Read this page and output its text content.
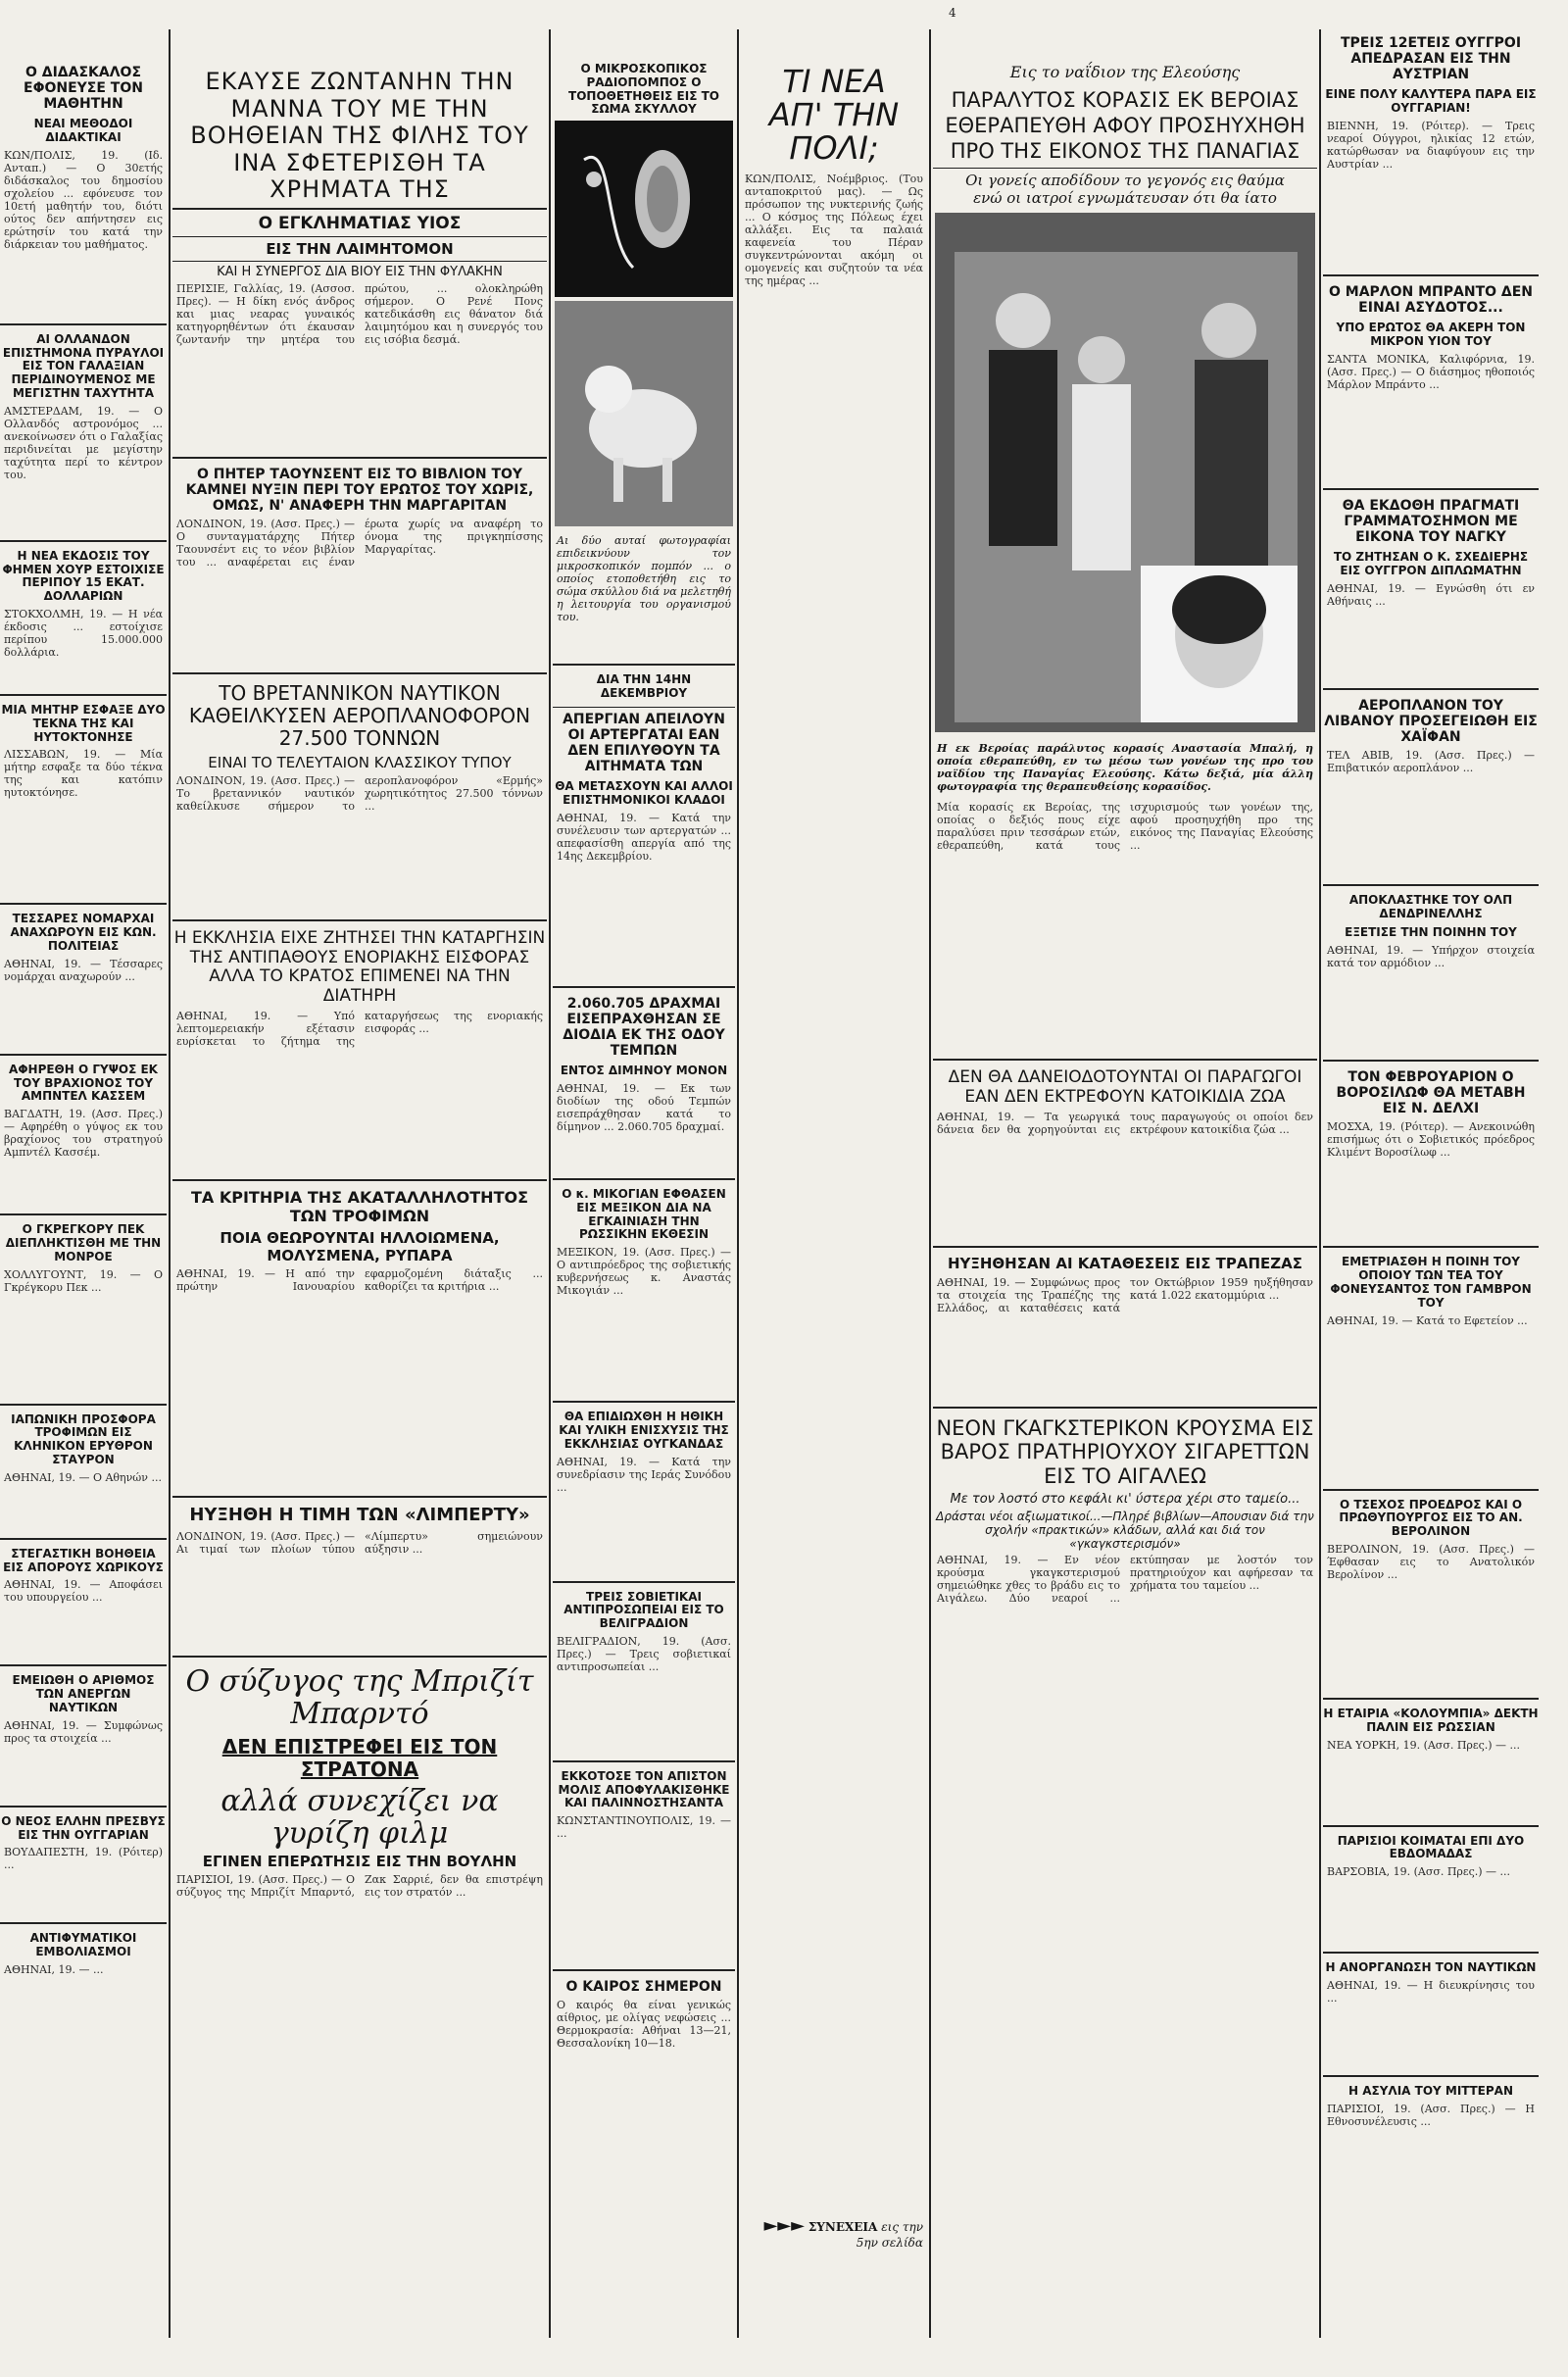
4
Ο ΔΙΔΑΣΚΑΛΟΣ ΕΦΟΝΕΥΣΕ ΤΟΝ ΜΑΘΗΤΗΝ
ΝΕΑΙ ΜΕΘΟΔΟΙ ΔΙΔΑΚΤΙΚΑΙ
ΚΩΝ/ΠΟΛΙΣ, 19. (Ιδ. Ανταπ.) — Ο 30ετής διδάσκαλος του δημοσίου σχολείου ... εφόνευσε τον 10ετή μαθητήν του, διότι ούτος δεν απήντησεν εις ερώτησίν του κατά την διάρκειαν του μαθήματος.
ΑΙ ΟΛΛΑΝΔΟΝ ΕΠΙΣΤΗΜΟΝΑ ΠΥΡΑΥΛΟΙ ΕΙΣ ΤΟΝ ΓΑΛΑΞΙΑΝ ΠΕΡΙΔΙΝΟΥΜΕΝΟΣ ΜΕ ΜΕΓΙΣΤΗΝ ΤΑΧΥΤΗΤΑ
ΑΜΣΤΕΡΔΑΜ, 19. — Ο Ολλανδός αστρονόμος ... ανεκοίνωσεν ότι ο Γαλαξίας περιδινείται με μεγίστην ταχύτητα περί το κέντρον του.
Η ΝΕΑ ΕΚΔΟΣΙΣ ΤΟΥ ΦΗΜΕΝ ΧΟΥΡ ΕΣΤΟΙΧΙΣΕ ΠΕΡΙΠΟΥ 15 ΕΚΑΤ. ΔΟΛΛΑΡΙΩΝ
ΣΤΟΚΧΟΛΜΗ, 19. — Η νέα έκδοσις ... εστοίχισε περίπου 15.000.000 δολλάρια.
ΜΙΑ ΜΗΤΗΡ ΕΣΦΑΞΕ ΔΥΟ ΤΕΚΝΑ ΤΗΣ ΚΑΙ ΗΥΤΟΚΤΟΝΗΣΕ
ΛΙΣΣΑΒΩΝ, 19. — Μία μήτηρ εσφαξε τα δύο τέκνα της και κατόπιν ηυτοκτόνησε.
ΤΕΣΣΑΡΕΣ ΝΟΜΑΡΧΑΙ ΑΝΑΧΩΡΟΥΝ ΕΙΣ ΚΩΝ. ΠΟΛΙΤΕΙΑΣ
ΑΘΗΝΑΙ, 19. — Τέσσαρες νομάρχαι αναχωρούν ...
ΑΦΗΡΕΘΗ Ο ΓΥΨΟΣ ΕΚ ΤΟΥ ΒΡΑΧΙΟΝΟΣ ΤΟΥ ΑΜΠΝΤΕΛ ΚΑΣΣΕΜ
ΒΑΓΔΑΤΗ, 19. (Ασσ. Πρες.) — Αφηρέθη ο γύψος εκ του βραχίονος του στρατηγού Αμπντέλ Κασσέμ.
Ο ΓΚΡΕΓΚΟΡΥ ΠΕΚ ΔΙΕΠΛΗΚΤΙΣΘΗ ΜΕ ΤΗΝ ΜΟΝΡΟΕ
ΧΟΛΛΥΓΟΥΝΤ, 19. — Ο Γκρέγκορυ Πεκ ...
ΙΑΠΩΝΙΚΗ ΠΡΟΣΦΟΡΑ ΤΡΟΦΙΜΩΝ ΕΙΣ ΚΛΗΝΙΚΟΝ ΕΡΥΘΡΟΝ ΣΤΑΥΡΟΝ
ΑΘΗΝΑΙ, 19. — Ο Αθηνών ...
ΣΤΕΓΑΣΤΙΚΗ ΒΟΗΘΕΙΑ ΕΙΣ ΑΠΟΡΟΥΣ ΧΩΡΙΚΟΥΣ
ΑΘΗΝΑΙ, 19. — Αποφάσει του υπουργείου ...
ΕΜΕΙΩΘΗ Ο ΑΡΙΘΜΟΣ ΤΩΝ ΑΝΕΡΓΩΝ ΝΑΥΤΙΚΩΝ
ΑΘΗΝΑΙ, 19. — Συμφώνως προς τα στοιχεία ...
Ο ΝΕΟΣ ΕΛΛΗΝ ΠΡΕΣΒΥΣ ΕΙΣ ΤΗΝ ΟΥΓΓΑΡΙΑΝ
ΒΟΥΔΑΠΕΣΤΗ, 19. (Ρόιτερ) ...
ΑΝΤΙΦΥΜΑΤΙΚΟΙ ΕΜΒΟΛΙΑΣΜΟΙ
ΑΘΗΝΑΙ, 19. — ...
ΕΚΑΥΣΕ ΖΩΝΤΑΝΗΝ ΤΗΝ ΜΑΝΝΑ ΤΟΥ ΜΕ ΤΗΝ ΒΟΗΘΕΙΑΝ ΤΗΣ ΦΙΛΗΣ ΤΟΥ ΙΝΑ ΣΦΕΤΕΡΙΣΘΗ ΤΑ ΧΡΗΜΑΤΑ ΤΗΣ
Ο ΕΓΚΛΗΜΑΤΙΑΣ ΥΙΟΣ
ΕΙΣ ΤΗΝ ΛΑΙΜΗΤΟΜΟΝ
ΚΑΙ Η ΣΥΝΕΡΓΟΣ ΔΙΑ ΒΙΟΥ ΕΙΣ ΤΗΝ ΦΥΛΑΚΗΝ
ΠΕΡΙΣΙΕ, Γαλλίας, 19. (Ασσοσ. Πρες). — Η δίκη ενός άνδρος και μιας νεαρας γυναικός κατηγορηθέντων ότι έκαυσαν ζωντανήν την μητέρα του πρώτου, ... ολοκληρώθη σήμερον. Ο Ρενέ Πονς κατεδικάσθη εις θάνατον διά λαιμητόμου και η συνεργός του εις ισόβια δεσμά.
Ο ΠΗΤΕΡ ΤΑΟΥΝΣΕΝΤ ΕΙΣ ΤΟ ΒΙΒΛΙΟΝ ΤΟΥ ΚΑΜΝΕΙ ΝΥΞΙΝ ΠΕΡΙ ΤΟΥ ΕΡΩΤΟΣ ΤΟΥ ΧΩΡΙΣ, ΟΜΩΣ, Ν' ΑΝΑΦΕΡΗ ΤΗΝ ΜΑΡΓΑΡΙΤΑΝ
ΛΟΝΔΙΝΟΝ, 19. (Ασσ. Πρες.) — Ο συνταγματάρχης Πήτερ Ταουνσέντ εις το νέον βιβλίον του ... αναφέρεται εις έναν έρωτα χωρίς να αναφέρη το όνομα της πριγκηπίσσης Μαργαρίτας.
ΤΟ ΒΡΕΤΑΝΝΙΚΟΝ ΝΑΥΤΙΚΟΝ ΚΑΘΕΙΛΚΥΣΕΝ ΑΕΡΟΠΛΑΝΟΦΟΡΟΝ 27.500 ΤΟΝΝΩΝ
ΕΙΝΑΙ ΤΟ ΤΕΛΕΥΤΑΙΟΝ ΚΛΑΣΣΙΚΟΥ ΤΥΠΟΥ
ΛΟΝΔΙΝΟΝ, 19. (Ασσ. Πρες.) — Το βρεταννικόν ναυτικόν καθείλκυσε σήμερον το αεροπλανοφόρον «Ερμής» χωρητικότητος 27.500 τόννων ...
Η ΕΚΚΛΗΣΙΑ ΕΙΧΕ ΖΗΤΗΣΕΙ ΤΗΝ ΚΑΤΑΡΓΗΣΙΝ ΤΗΣ ΑΝΤΙΠΑΘΟΥΣ ΕΝΟΡΙΑΚΗΣ ΕΙΣΦΟΡΑΣ ΑΛΛΑ ΤΟ ΚΡΑΤΟΣ ΕΠΙΜΕΝΕΙ ΝΑ ΤΗΝ ΔΙΑΤΗΡΗ
ΑΘΗΝΑΙ, 19. — Υπό λεπτομερειακήν εξέτασιν ευρίσκεται το ζήτημα της καταργήσεως της ενοριακής εισφοράς ...
ΤΑ ΚΡΙΤΗΡΙΑ ΤΗΣ ΑΚΑΤΑΛΛΗΛΟΤΗΤΟΣ ΤΩΝ ΤΡΟΦΙΜΩΝ
ΠΟΙΑ ΘΕΩΡΟΥΝΤΑΙ ΗΛΛΟΙΩΜΕΝΑ, ΜΟΛΥΣΜΕΝΑ, ΡΥΠΑΡΑ
ΑΘΗΝΑΙ, 19. — Η από την πρώτην Ιανουαρίου εφαρμοζομένη διάταξις ... καθορίζει τα κριτήρια ...
ΗΥΞΗΘΗ Η ΤΙΜΗ ΤΩΝ «ΛΙΜΠΕΡΤΥ»
ΛΟΝΔΙΝΟΝ, 19. (Ασσ. Πρες.) — Αι τιμαί των πλοίων τύπου «Λίμπερτυ» σημειώνουν αύξησιν ...
Ο σύζυγος της Μπριζίτ Μπαρντό
ΔΕΝ ΕΠΙΣΤΡΕΦΕΙ ΕΙΣ ΤΟΝ ΣΤΡΑΤΟΝΑ
αλλά συνεχίζει να γυρίζη φιλμ
ΕΓΙΝΕΝ ΕΠΕΡΩΤΗΣΙΣ ΕΙΣ ΤΗΝ ΒΟΥΛΗΝ
ΠΑΡΙΣΙΟΙ, 19. (Ασσ. Πρες.) — Ο σύζυγος της Μπριζίτ Μπαρντό, Ζακ Σαρριέ, δεν θα επιστρέψη εις τον στρατόν ...
Ο ΜΙΚΡΟΣΚΟΠΙΚΟΣ ΡΑΔΙΟΠΟΜΠΟΣ Ο ΤΟΠΟΘΕΤΗΘΕΙΣ ΕΙΣ ΤΟ ΣΩΜΑ ΣΚΥΛΛΟΥ
Αι δύο αυταί φωτογραφίαι επιδεικνύουν τον μικροσκοπικόν πομπόν ... ο οποίος ετοποθετήθη εις το σώμα σκύλλου διά να μελετηθή η λειτουργία του οργανισμού του.
ΔΙΑ ΤΗΝ 14ΗΝ ΔΕΚΕΜΒΡΙΟΥ
ΑΠΕΡΓΙΑΝ ΑΠΕΙΛΟΥΝ ΟΙ ΑΡΤΕΡΓΑΤΑΙ ΕΑΝ ΔΕΝ ΕΠΙΛΥΘΟΥΝ ΤΑ ΑΙΤΗΜΑΤΑ ΤΩΝ
ΘΑ ΜΕΤΑΣΧΟΥΝ ΚΑΙ ΑΛΛΟΙ ΕΠΙΣΤΗΜΟΝΙΚΟΙ ΚΛΑΔΟΙ
ΑΘΗΝΑΙ, 19. — Κατά την συνέλευσιν των αρτεργατών ... απεφασίσθη απεργία από της 14ης Δεκεμβρίου.
2.060.705 ΔΡΑΧΜΑΙ ΕΙΣΕΠΡΑΧΘΗΣΑΝ ΣΕ ΔΙΟΔΙΑ ΕΚ ΤΗΣ ΟΔΟΥ ΤΕΜΠΩΝ
ΕΝΤΟΣ ΔΙΜΗΝΟΥ ΜΟΝΟΝ
ΑΘΗΝΑΙ, 19. — Εκ των διοδίων της οδού Τεμπών εισεπράχθησαν κατά το δίμηνον ... 2.060.705 δραχμαί.
Ο κ. ΜΙΚΟΓΙΑΝ ΕΦΘΑΣΕΝ ΕΙΣ ΜΕΞΙΚΟΝ ΔΙΑ ΝΑ ΕΓΚΑΙΝΙΑΣΗ ΤΗΝ ΡΩΣΣΙΚΗΝ ΕΚΘΕΣΙΝ
ΜΕΞΙΚΟΝ, 19. (Ασσ. Πρες.) — Ο αντιπρόεδρος της σοβιετικής κυβερνήσεως κ. Αναστάς Μικογιάν ...
ΘΑ ΕΠΙΔΙΩΧΘΗ Η ΗΘΙΚΗ ΚΑΙ ΥΛΙΚΗ ΕΝΙΣΧΥΣΙΣ ΤΗΣ ΕΚΚΛΗΣΙΑΣ ΟΥΓΚΑΝΔΑΣ
ΑΘΗΝΑΙ, 19. — Κατά την συνεδρίασιν της Ιεράς Συνόδου ...
ΤΡΕΙΣ ΣΟΒΙΕΤΙΚΑΙ ΑΝΤΙΠΡΟΣΩΠΕΙΑΙ ΕΙΣ ΤΟ ΒΕΛΙΓΡΑΔΙΟΝ
ΒΕΛΙΓΡΑΔΙΟΝ, 19. (Ασσ. Πρες.) — Τρεις σοβιετικαί αντιπροσωπείαι ...
ΕΚΚΟΤΟΣΕ ΤΟΝ ΑΠΙΣΤΟΝ ΜΟΛΙΣ ΑΠΟΦΥΛΑΚΙΣΘΗΚΕ ΚΑΙ ΠΑΛΙΝΝΟΣΤΗΣΑΝΤΑ
ΚΩΝΣΤΑΝΤΙΝΟΥΠΟΛΙΣ, 19. — ...
Ο ΚΑΙΡΟΣ ΣΗΜΕΡΟΝ
Ο καιρός θα είναι γενικώς αίθριος, με ολίγας νεφώσεις ... Θερμοκρασία: Αθήναι 13—21, Θεσσαλονίκη 10—18.
ΤΙ ΝΕΑ
ΑΠ' ΤΗΝ
ΠΟΛΙ;
ΚΩΝ/ΠΟΛΙΣ, Νοέμβριος. (Του ανταποκριτού μας). — Ως πρόσωπον της νυκτερινής ζωής ... Ο κόσμος της Πόλεως έχει αλλάξει. Εις τα παλαιά καφενεία του Πέραν συγκεντρώνονται ακόμη οι ομογενείς και συζητούν τα νέα της ημέρας ...
►►► ΣΥΝΕΧΕΙΑ εις την 5ην σελίδα
Εις το ναΐδιον της Ελεούσης
ΠΑΡΑΛΥΤΟΣ ΚΟΡΑΣΙΣ ΕΚ ΒΕΡΟΙΑΣ ΕΘΕΡΑΠΕΥΘΗ ΑΦΟΥ ΠΡΟΣΗΥΧΗΘΗ ΠΡΟ ΤΗΣ ΕΙΚΟΝΟΣ ΤΗΣ ΠΑΝΑΓΙΑΣ
Οι γονείς αποδίδουν το γεγονός εις θαύμα
ενώ οι ιατροί εγνωμάτευσαν ότι θα ίατο
Η εκ Βεροίας παράλυτος κορασίς Αναστασία Μπαλή, η οποία εθεραπεύθη, εν τω μέσω των γονέων της προ του ναϊδίου της Παναγίας Ελεούσης. Κάτω δεξιά, μία άλλη φωτογραφία της θεραπευθείσης κορασίδος.
Μία κορασίς εκ Βεροίας, της οποίας ο δεξιός πους είχε παραλύσει πριν τεσσάρων ετών, εθεραπεύθη, κατά τους ισχυρισμούς των γονέων της, αφού προσηυχήθη προ της εικόνος της Παναγίας Ελεούσης ...
ΔΕΝ ΘΑ ΔΑΝΕΙΟΔΟΤΟΥΝΤΑΙ ΟΙ ΠΑΡΑΓΩΓΟΙ ΕΑΝ ΔΕΝ ΕΚΤΡΕΦΟΥΝ ΚΑΤΟΙΚΙΔΙΑ ΖΩΑ
ΑΘΗΝΑΙ, 19. — Τα γεωργικά δάνεια δεν θα χορηγούνται εις τους παραγωγούς οι οποίοι δεν εκτρέφουν κατοικίδια ζώα ...
ΗΥΞΗΘΗΣΑΝ ΑΙ ΚΑΤΑΘΕΣΕΙΣ ΕΙΣ ΤΡΑΠΕΖΑΣ
ΑΘΗΝΑΙ, 19. — Συμφώνως προς τα στοιχεία της Τραπέζης της Ελλάδος, αι καταθέσεις κατά τον Οκτώβριον 1959 ηυξήθησαν κατά 1.022 εκατομμύρια ...
ΝΕΟΝ ΓΚΑΓΚΣΤΕΡΙΚΟΝ ΚΡΟΥΣΜΑ ΕΙΣ ΒΑΡΟΣ ΠΡΑΤΗΡΙΟΥΧΟΥ ΣΙΓΑΡΕΤΤΩΝ ΕΙΣ ΤΟ ΑΙΓΑΛΕΩ
Με τον λοστό στο κεφάλι κι' ύστερα χέρι στο ταμείο...
Δράσται νέοι αξιωματικοί...—Πληρέ βιβλίων—Απουσιαν διά την σχολήν «πρακτικών» κλάδων, αλλά και διά τον «γκαγκστερισμόν»
ΑΘΗΝΑΙ, 19. — Εν νέον κρούσμα γκαγκστερισμού σημειώθηκε χθες το βράδυ εις το Αιγάλεω. Δύο νεαροί ... εκτύπησαν με λοστόν τον πρατηριούχον και αφήρεσαν τα χρήματα του ταμείου ...
ΤΡΕΙΣ 12ΕΤΕΙΣ ΟΥΓΓΡΟΙ ΑΠΕΔΡΑΣΑΝ ΕΙΣ ΤΗΝ ΑΥΣΤΡΙΑΝ
ΕΙΝΕ ΠΟΛΥ ΚΑΛΥΤΕΡΑ ΠΑΡΑ ΕΙΣ ΟΥΓΓΑΡΙΑΝ!
ΒΙΕΝΝΗ, 19. (Ρόιτερ). — Τρεις νεαροί Ούγγροι, ηλικίας 12 ετών, κατώρθωσαν να διαφύγουν εις την Αυστρίαν ...
Ο ΜΑΡΛΟΝ ΜΠΡΑΝΤΟ ΔΕΝ ΕΙΝΑΙ ΑΣΥΔΟΤΟΣ...
ΥΠΟ ΕΡΩΤΟΣ ΘΑ ΑΚΕΡΗ ΤΟΝ ΜΙΚΡΟΝ ΥΙΟΝ ΤΟΥ
ΣΑΝΤΑ ΜΟΝΙΚΑ, Καλιφόρνια, 19. (Ασσ. Πρες.) — Ο διάσημος ηθοποιός Μάρλον Μπράντο ...
ΘΑ ΕΚΔΟΘΗ ΠΡΑΓΜΑΤΙ ΓΡΑΜΜΑΤΟΣΗΜΟΝ ΜΕ ΕΙΚΟΝΑ ΤΟΥ ΝΑΓΚΥ
ΤΟ ΖΗΤΗΣΑΝ Ο Κ. ΣΧΕΔΙΕΡΗΣ ΕΙΣ ΟΥΓΓΡΟΝ ΔΙΠΛΩΜΑΤΗΝ
ΑΘΗΝΑΙ, 19. — Εγνώσθη ότι εν Αθήναις ...
ΑΕΡΟΠΛΑΝΟΝ ΤΟΥ ΛΙΒΑΝΟΥ ΠΡΟΣΕΓΕΙΩΘΗ ΕΙΣ ΧΑΪΦΑΝ
ΤΕΛ ΑΒΙΒ, 19. (Ασσ. Πρες.) — Επιβατικόν αεροπλάνον ...
ΑΠΟΚΛΑΣΤΗΚΕ ΤΟΥ ΟΛΠ ΔΕΝΔΡΙΝΕΛΛΗΣ
ΕΞΕΤΙΣΕ ΤΗΝ ΠΟΙΝΗΝ ΤΟΥ
ΑΘΗΝΑΙ, 19. — Υπήρχον στοιχεία κατά τον αρμόδιον ...
ΤΟΝ ΦΕΒΡΟΥΑΡΙΟΝ Ο ΒΟΡΟΣΙΛΩΦ ΘΑ ΜΕΤΑΒΗ ΕΙΣ Ν. ΔΕΛΧΙ
ΜΟΣΧΑ, 19. (Ρόιτερ). — Ανεκοινώθη επισήμως ότι ο Σοβιετικός πρόεδρος Κλιμέντ Βοροσίλωφ ...
ΕΜΕΤΡΙΑΣΘΗ Η ΠΟΙΝΗ ΤΟΥ ΟΠΟΙΟΥ ΤΩΝ ΤΕΑ ΤΟΥ ΦΟΝΕΥΣΑΝΤΟΣ ΤΟΝ ΓΑΜΒΡΟΝ ΤΟΥ
ΑΘΗΝΑΙ, 19. — Κατά το Εφετείον ...
Ο ΤΣΕΧΟΣ ΠΡΟΕΔΡΟΣ ΚΑΙ Ο ΠΡΩΘΥΠΟΥΡΓΟΣ ΕΙΣ ΤΟ ΑΝ. ΒΕΡΟΛΙΝΟΝ
ΒΕΡΟΛΙΝΟΝ, 19. (Ασσ. Πρες.) — Έφθασαν εις το Ανατολικόν Βερολίνον ...
Η ΕΤΑΙΡΙΑ «ΚΟΛΟΥΜΠΙΑ» ΔΕΚΤΗ ΠΑΛΙΝ ΕΙΣ ΡΩΣΣΙΑΝ
ΝΕΑ ΥΟΡΚΗ, 19. (Ασσ. Πρες.) — ...
ΠΑΡΙΣΙΟΙ ΚΟΙΜΑΤΑΙ ΕΠΙ ΔΥΟ ΕΒΔΟΜΑΔΑΣ
ΒΑΡΣΟΒΙΑ, 19. (Ασσ. Πρες.) — ...
Η ΑΝΟΡΓΑΝΩΣΗ ΤΟΝ ΝΑΥΤΙΚΩΝ
ΑΘΗΝΑΙ, 19. — Η διευκρίνησις του ...
Η ΑΣΥΛΙΑ ΤΟΥ ΜΙΤΤΕΡΑΝ
ΠΑΡΙΣΙΟΙ, 19. (Ασσ. Πρες.) — Η Εθνοσυνέλευσις ...
